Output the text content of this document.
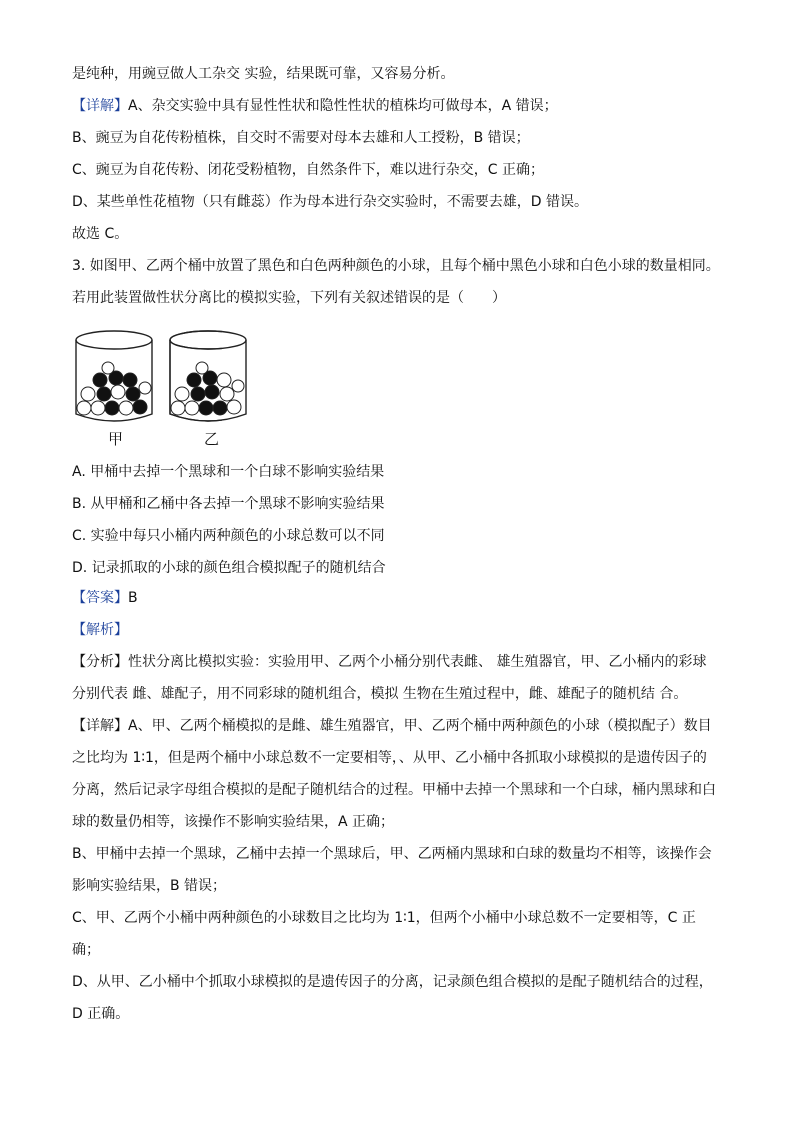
是纯种，用豌豆做人工杂交 实验，结果既可靠，又容易分析。
【详解】A、杂交实验中具有显性性状和隐性性状的植株均可做母本，A 错误；
B、豌豆为自花传粉植株，自交时不需要对母本去雄和人工授粉，B 错误；
C、豌豆为自花传粉、闭花受粉植物，自然条件下，难以进行杂交，C 正确；
D、某些单性花植物（只有雌蕊）作为母本进行杂交实验时，不需要去雄，D 错误。
故选 C。
3. 如图甲、乙两个桶中放置了黑色和白色两种颜色的小球，且每个桶中黑色小球和白色小球的数量相同。
若用此装置做性状分离比的模拟实验，下列有关叙述错误的是（　　）
甲	乙
A. 甲桶中去掉一个黑球和一个白球不影响实验结果
B. 从甲桶和乙桶中各去掉一个黑球不影响实验结果
C. 实验中每只小桶内两种颜色的小球总数可以不同
D. 记录抓取的小球的颜色组合模拟配子的随机结合
【答案】B
【解析】
【分析】性状分离比模拟实验：实验用甲、乙两个小桶分别代表雌、 雄生殖器官，甲、乙小桶内的彩球
分别代表 雌、雄配子，用不同彩球的随机组合，模拟 生物在生殖过程中，雌、雄配子的随机结 合。
【详解】A、甲、乙两个桶模拟的是雌、雄生殖器官，甲、乙两个桶中两种颜色的小球（模拟配子）数目
之比均为 1∶1，但是两个桶中小球总数不一定要相等，、从甲、乙小桶中各抓取小球模拟的是遗传因子的
分离，然后记录字母组合模拟的是配子随机结合的过程。甲桶中去掉一个黑球和一个白球，桶内黑球和白
球的数量仍相等，该操作不影响实验结果，A 正确；
B、甲桶中去掉一个黑球，乙桶中去掉一个黑球后，甲、乙两桶内黑球和白球的数量均不相等，该操作会
影响实验结果，B 错误；
C、甲、乙两个小桶中两种颜色的小球数目之比均为 1∶1，但两个小桶中小球总数不一定要相等，C 正
确；
D、从甲、乙小桶中个抓取小球模拟的是遗传因子的分离，记录颜色组合模拟的是配子随机结合的过程，
D 正确。
